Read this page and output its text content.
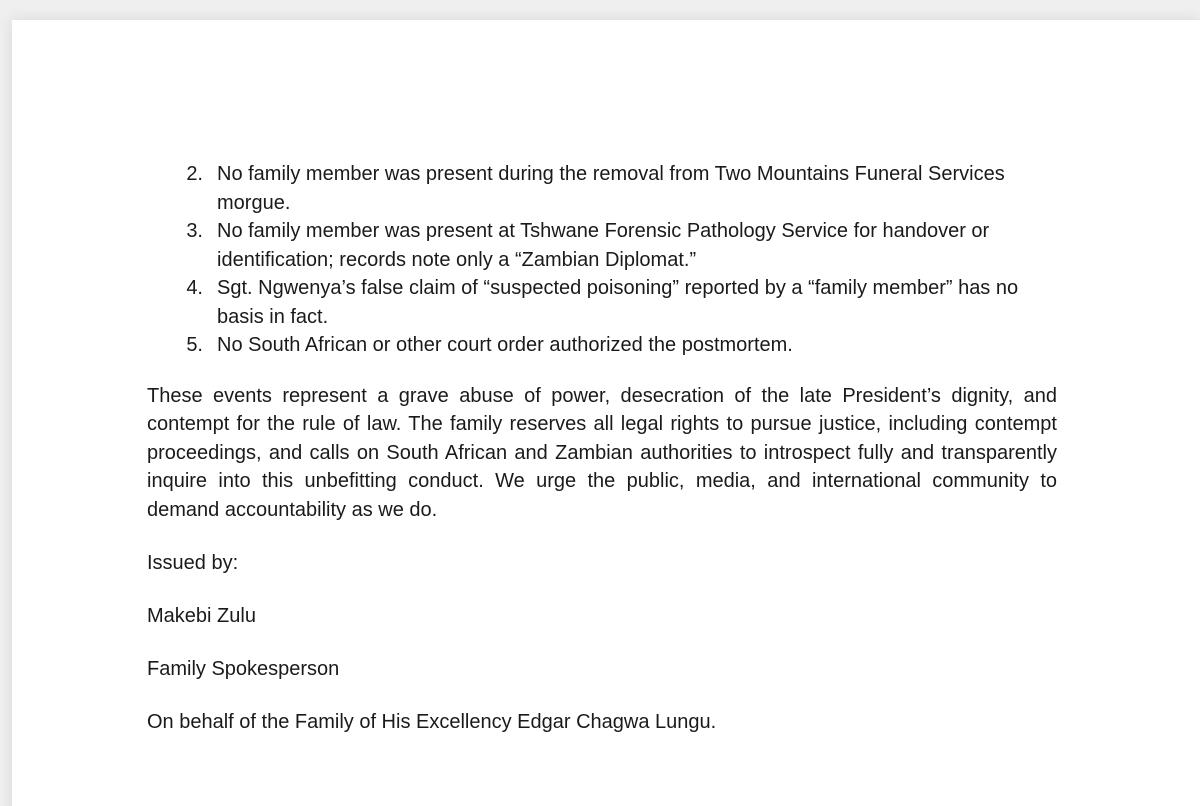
2. No family member was present during the removal from Two Mountains Funeral Services morgue.
3. No family member was present at Tshwane Forensic Pathology Service for handover or identification; records note only a “Zambian Diplomat.”
4. Sgt. Ngwenya’s false claim of “suspected poisoning” reported by a “family member” has no basis in fact.
5. No South African or other court order authorized the postmortem.

These events represent a grave abuse of power, desecration of the late President’s dignity, and contempt for the rule of law. The family reserves all legal rights to pursue justice, including contempt proceedings, and calls on South African and Zambian authorities to introspect fully and transparently inquire into this unbefitting conduct. We urge the public, media, and international community to demand accountability as we do.

Issued by:

Makebi Zulu

Family Spokesperson

On behalf of the Family of His Excellency Edgar Chagwa Lungu.
